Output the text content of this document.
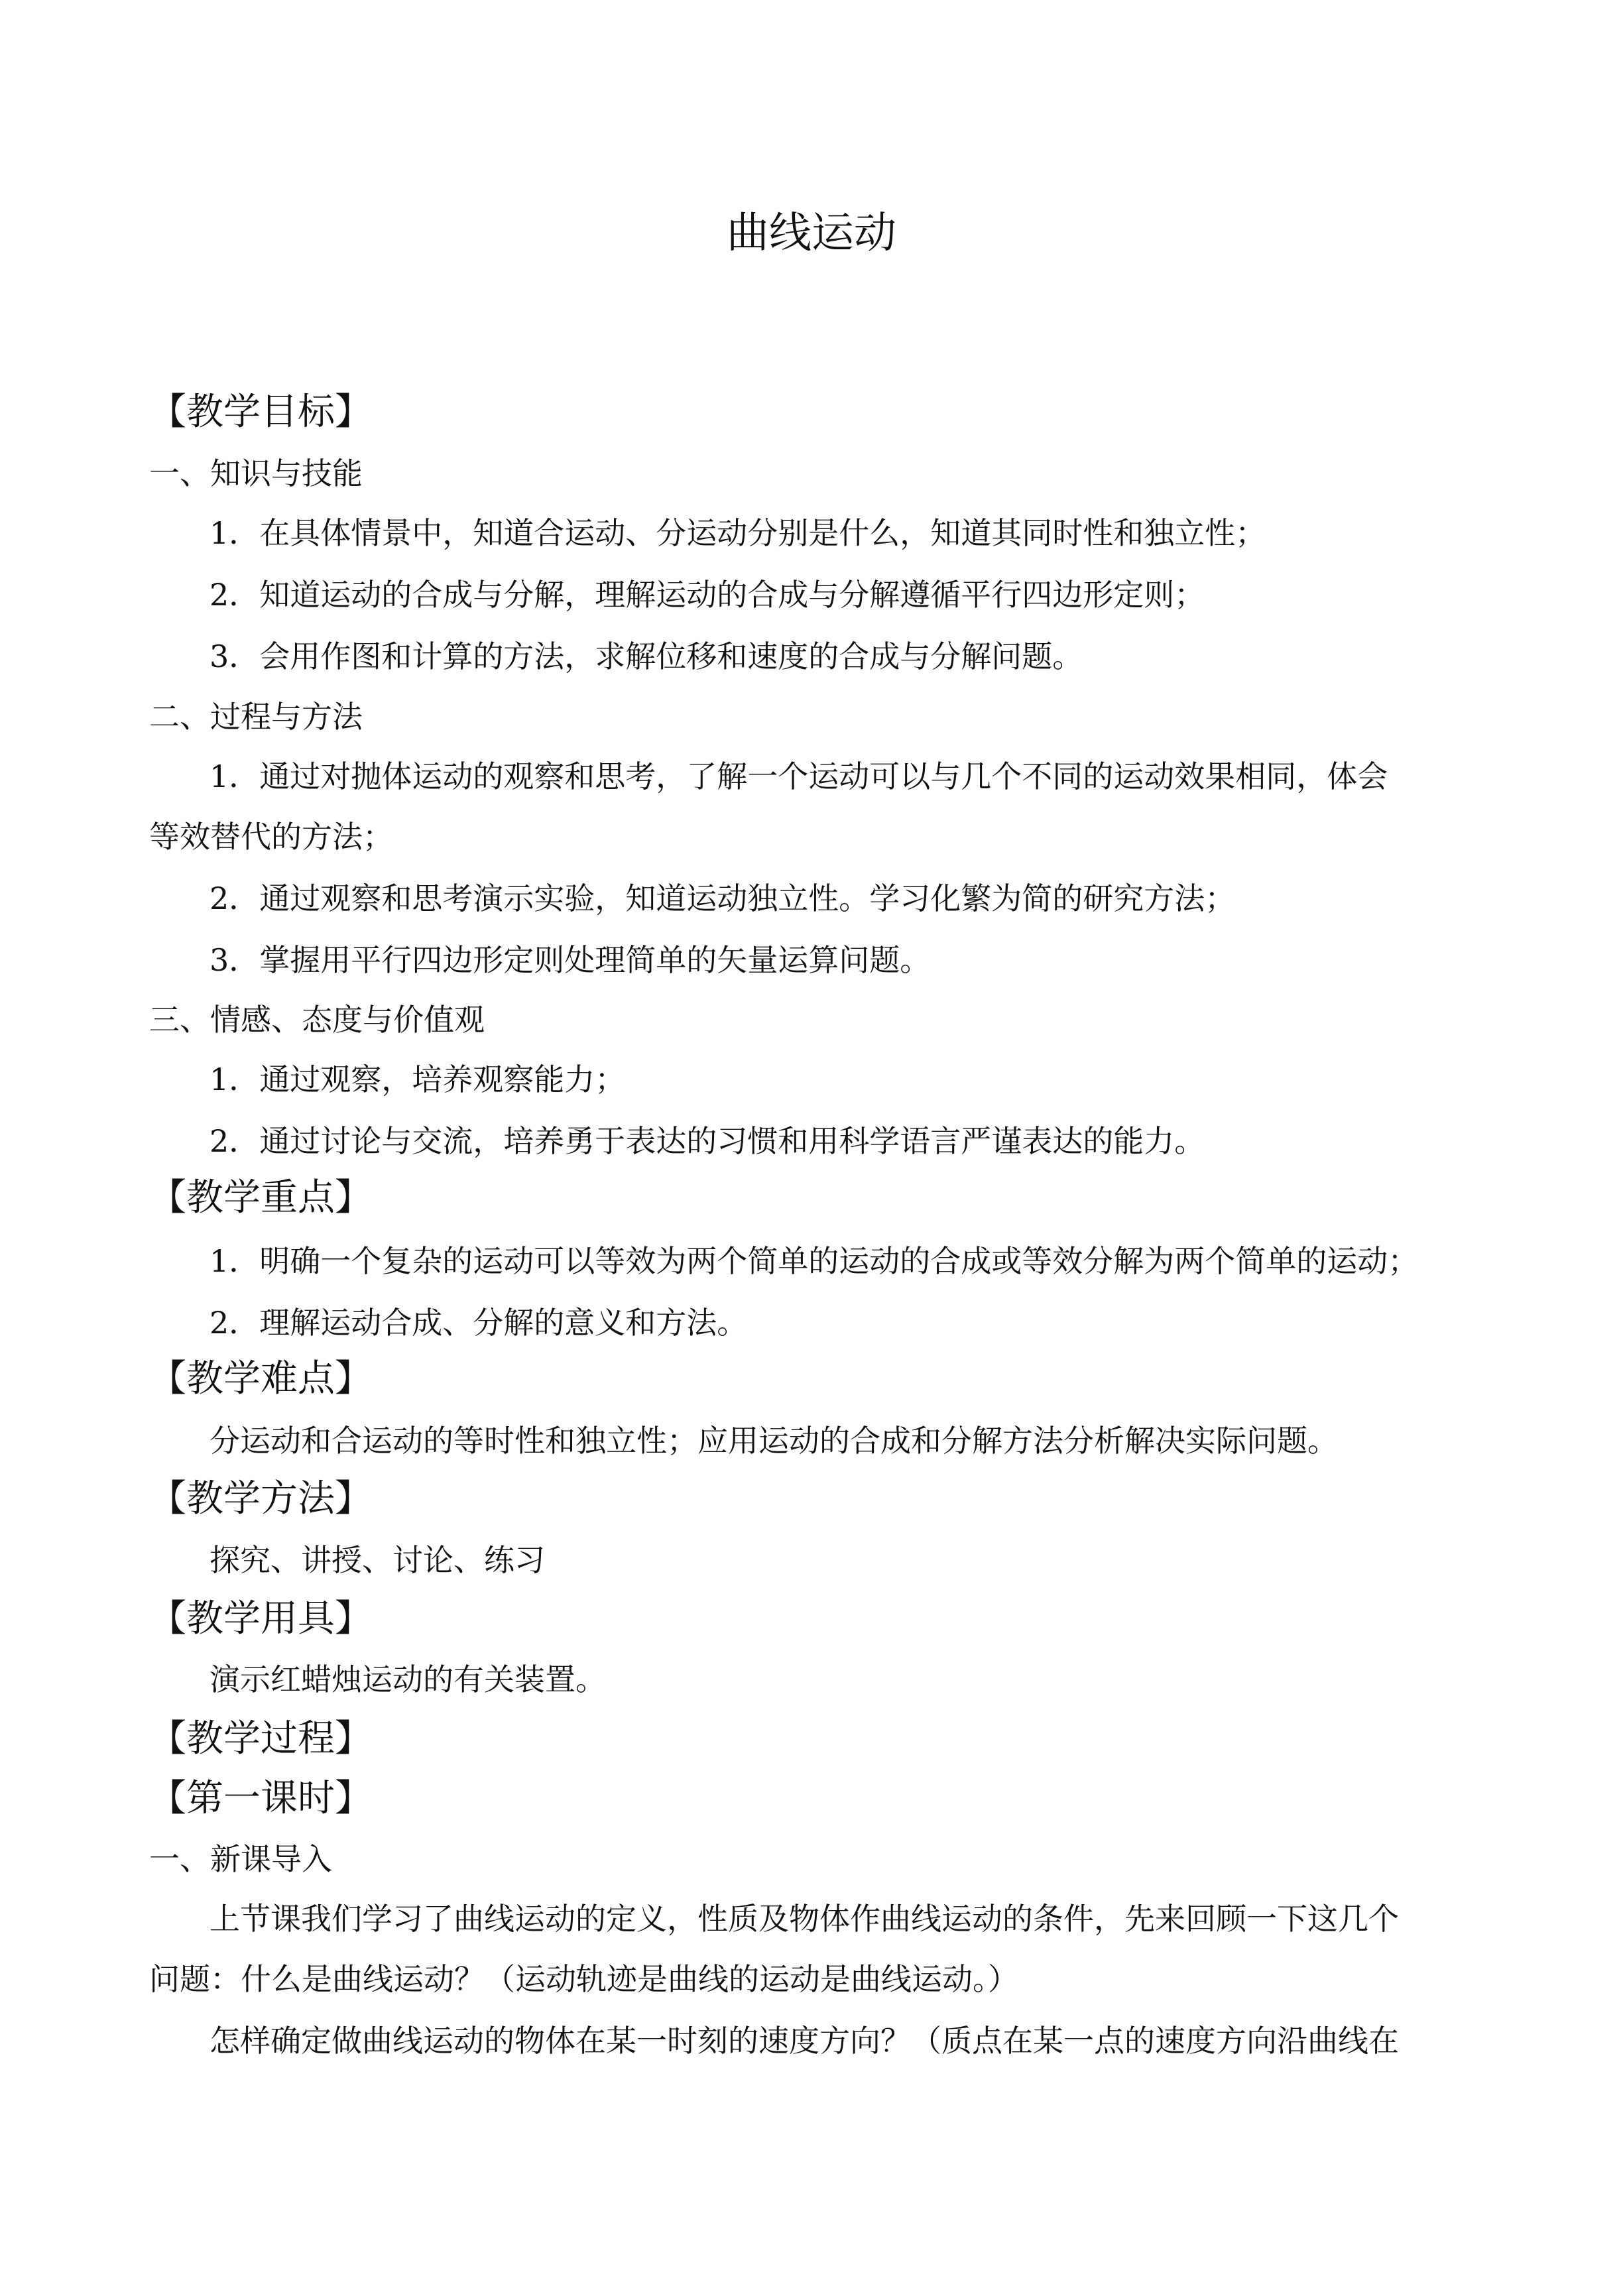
曲线运动
【教学目标】
一、知识与技能
1．在具体情景中，知道合运动、分运动分别是什么，知道其同时性和独立性；
2．知道运动的合成与分解，理解运动的合成与分解遵循平行四边形定则；
3．会用作图和计算的方法，求解位移和速度的合成与分解问题。
二、过程与方法
1．通过对抛体运动的观察和思考，了解一个运动可以与几个不同的运动效果相同，体会
等效替代的方法；
2．通过观察和思考演示实验，知道运动独立性。学习化繁为简的研究方法；
3．掌握用平行四边形定则处理简单的矢量运算问题。
三、情感、态度与价值观
1．通过观察，培养观察能力；
2．通过讨论与交流，培养勇于表达的习惯和用科学语言严谨表达的能力。
【教学重点】
1．明确一个复杂的运动可以等效为两个简单的运动的合成或等效分解为两个简单的运动；
2．理解运动合成、分解的意义和方法。
【教学难点】
分运动和合运动的等时性和独立性；应用运动的合成和分解方法分析解决实际问题。
【教学方法】
探究、讲授、讨论、练习
【教学用具】
演示红蜡烛运动的有关装置。
【教学过程】
【第一课时】
一、新课导入
上节课我们学习了曲线运动的定义，性质及物体作曲线运动的条件，先来回顾一下这几个
问题：什么是曲线运动？（运动轨迹是曲线的运动是曲线运动。）
怎样确定做曲线运动的物体在某一时刻的速度方向？（质点在某一点的速度方向沿曲线在
